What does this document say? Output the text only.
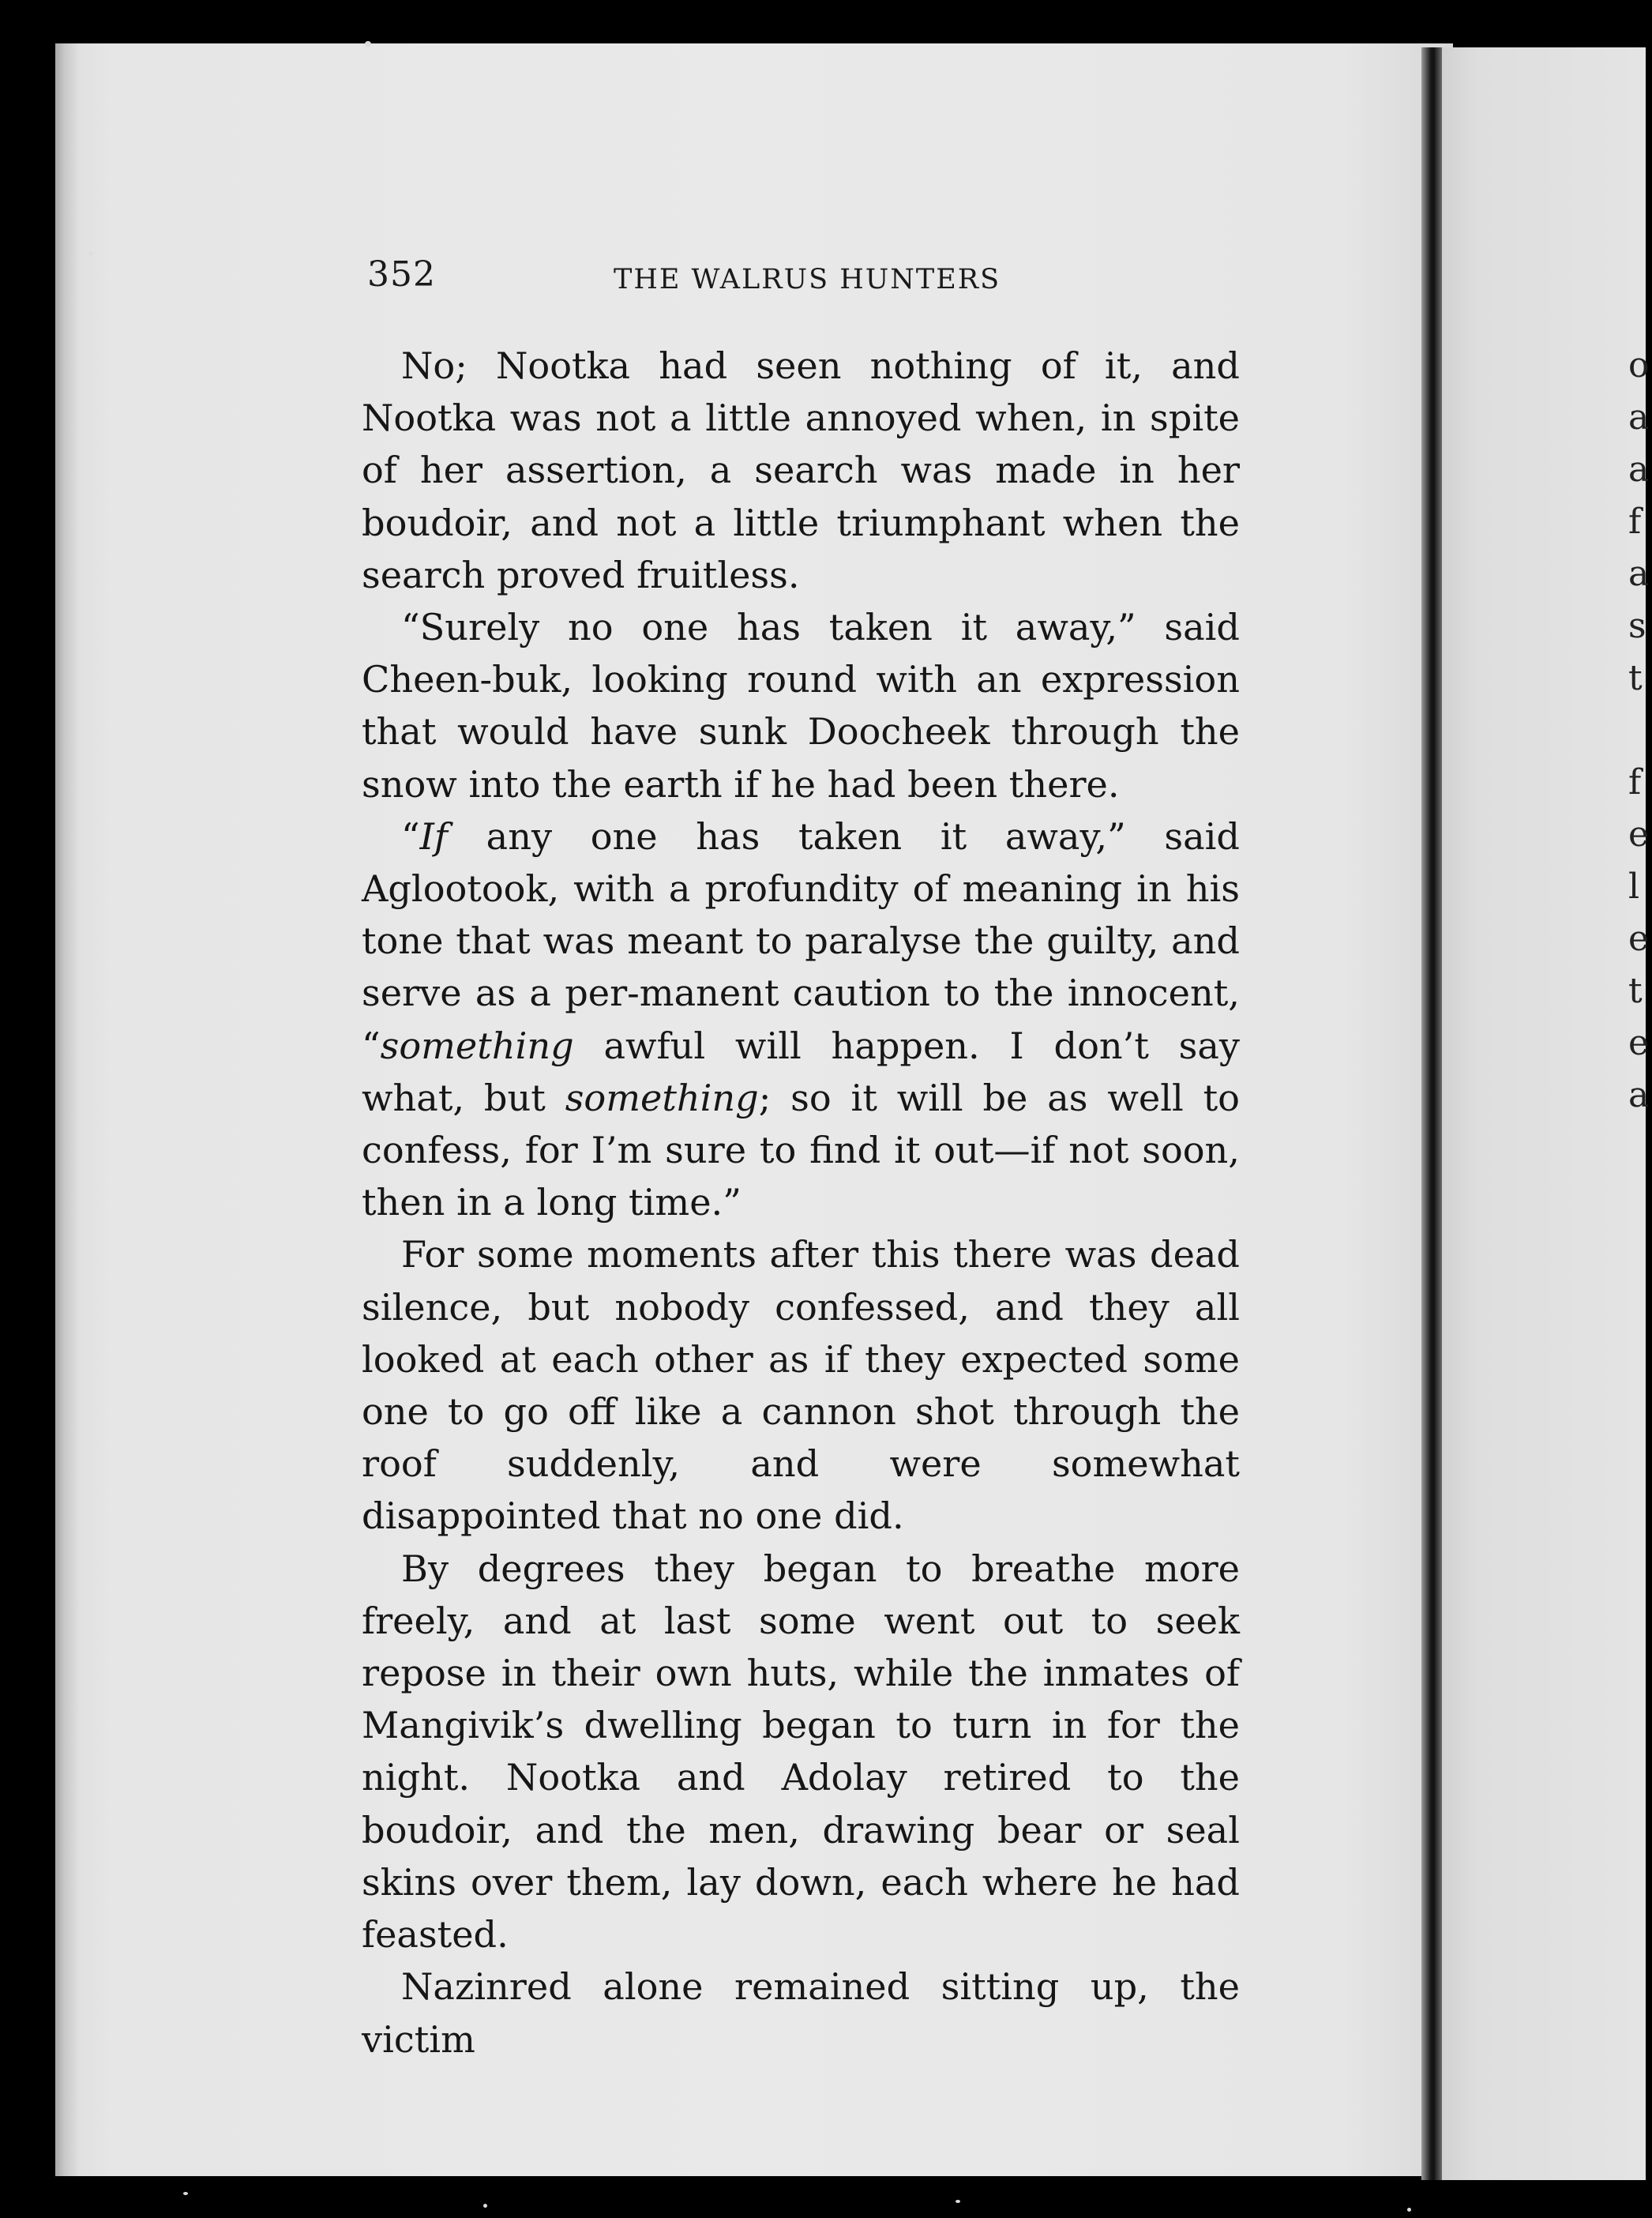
352	THE WALRUS HUNTERS

No; Nootka had seen nothing of it, and Nootka was not a little annoyed when, in spite of her assertion, a search was made in her boudoir, and not a little triumphant when the search proved fruitless.

“Surely no one has taken it away,” said Cheen-buk, looking round with an expression that would have sunk Doocheek through the snow into the earth if he had been there.

“If any one has taken it away,” said Aglootook, with a profundity of meaning in his tone that was meant to paralyse the guilty, and serve as a per-manent caution to the innocent, “something awful will happen. I don’t say what, but something; so it will be as well to confess, for I’m sure to find it out—if not soon, then in a long time.”

For some moments after this there was dead silence, but nobody confessed, and they all looked at each other as if they expected some one to go off like a cannon shot through the roof suddenly, and were somewhat disappointed that no one did.

By degrees they began to breathe more freely, and at last some went out to seek repose in their own huts, while the inmates of Mangivik’s dwelling began to turn in for the night. Nootka and Adolay retired to the boudoir, and the men, drawing bear or seal skins over them, lay down, each where he had feasted.

Nazinred alone remained sitting up, the victim

o
a
a
f
a
s
t
f
e
l
e
t
e
a
